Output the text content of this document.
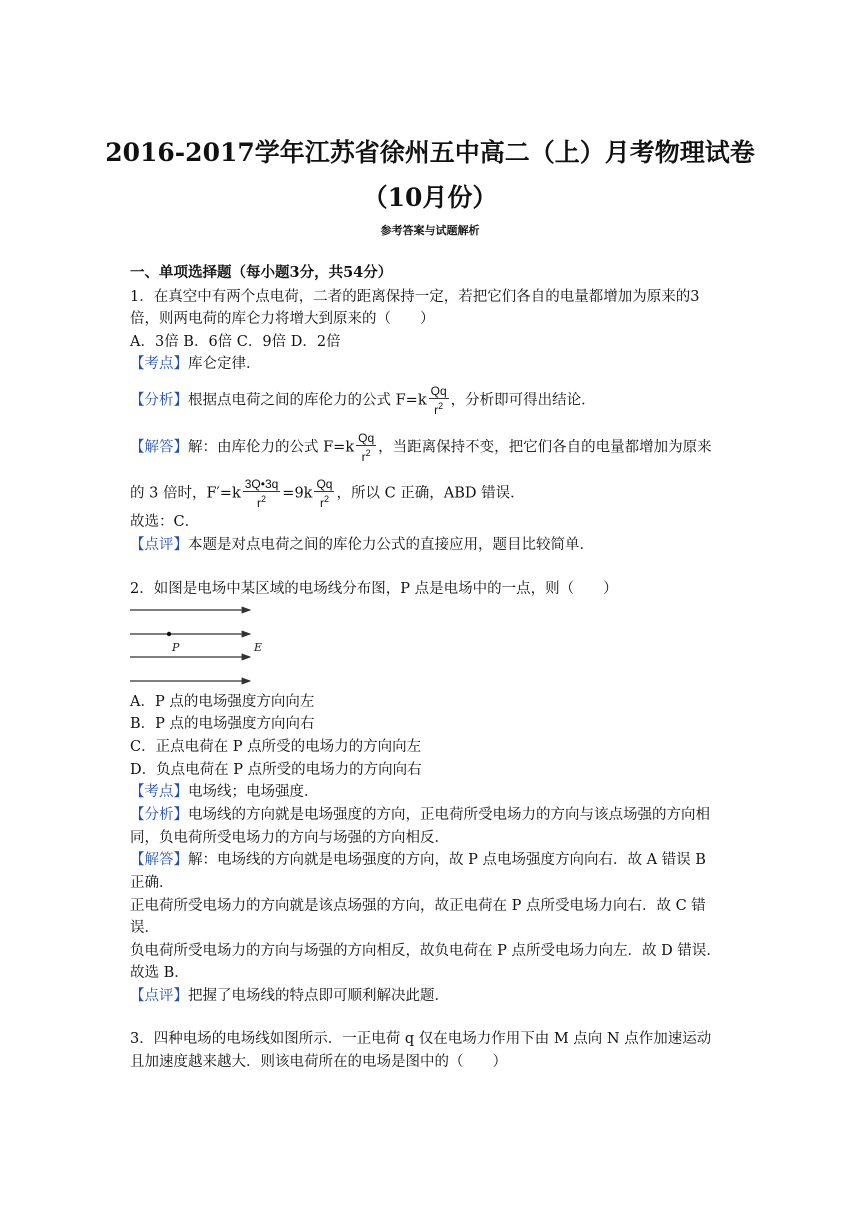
2016-2017学年江苏省徐州五中高二（上）月考物理试卷
（10月份）
参考答案与试题解析
一、单项选择题（每小题3分，共54分）
1．在真空中有两个点电荷，二者的距离保持一定，若把它们各自的电量都增加为原来的3
倍，则两电荷的库仑力将增大到原来的（　　）
A．3倍 B．6倍 C．9倍 D．2倍
【考点】库仑定律．
【分析】根据点电荷之间的库伦力的公式 $F=k \frac{Qq}{r^2}$ ，分析即可得出结论．
【解答】解：由库伦力的公式 $F=k \frac{Qq}{r^2}$ ，当距离保持不变，把它们各自的电量都增加为原来
的 3 倍时，$F'=k \frac{3Q•3q}{r^2} =9k \frac{Qq}{r^2}$ ，所以 C 正确，ABD 错误．
故选：C．
【点评】本题是对点电荷之间的库伦力公式的直接应用，题目比较简单．
2．如图是电场中某区域的电场线分布图，P 点是电场中的一点，则（　　）
P	E
A．P 点的电场强度方向向左
B．P 点的电场强度方向向右
C．正点电荷在 P 点所受的电场力的方向向左
D．负点电荷在 P 点所受的电场力的方向向右
【考点】电场线；电场强度．
【分析】电场线的方向就是电场强度的方向，正电荷所受电场力的方向与该点场强的方向相
同，负电荷所受电场力的方向与场强的方向相反．
【解答】解：电场线的方向就是电场强度的方向，故 P 点电场强度方向向右．故 A 错误 B
正确．
正电荷所受电场力的方向就是该点场强的方向，故正电荷在 P 点所受电场力向右．故 C 错
误．
负电荷所受电场力的方向与场强的方向相反，故负电荷在 P 点所受电场力向左．故 D 错误．
故选 B．
【点评】把握了电场线的特点即可顺利解决此题．
3．四种电场的电场线如图所示．一正电荷 q 仅在电场力作用下由 M 点向 N 点作加速运动
且加速度越来越大．则该电荷所在的电场是图中的（　　）
